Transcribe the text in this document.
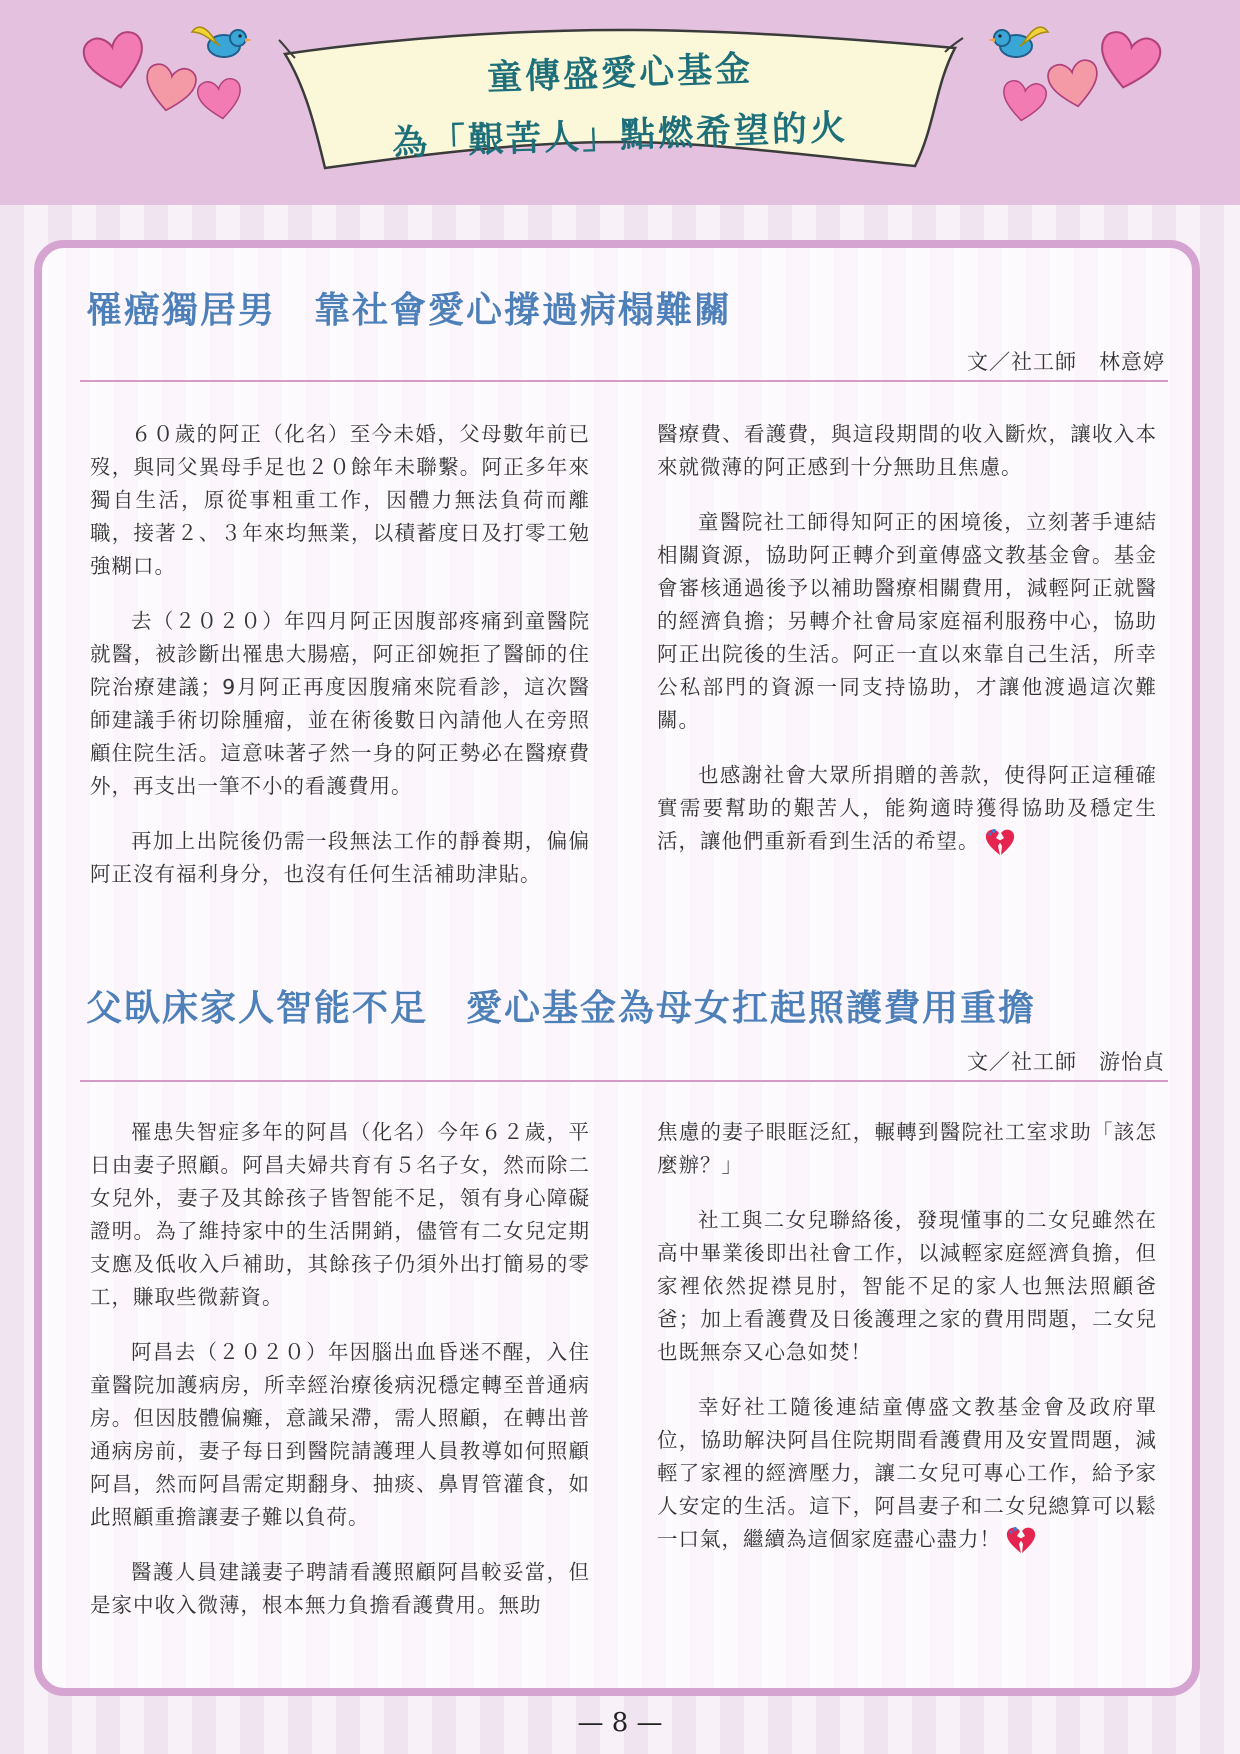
童傳盛愛心基金
為「艱苦人」點燃希望的火
罹癌獨居男　靠社會愛心撐過病榻難關
文／社工師　林意婷

６０歲的阿正（化名）至今未婚，父母數年前已歿，與同父異母手足也２０餘年未聯繫。阿正多年來獨自生活，原從事粗重工作，因體力無法負荷而離職，接著２、３年來均無業，以積蓄度日及打零工勉強糊口。

去（２０２０）年四月阿正因腹部疼痛到童醫院就醫，被診斷出罹患大腸癌，阿正卻婉拒了醫師的住院治療建議；9月阿正再度因腹痛來院看診，這次醫師建議手術切除腫瘤，並在術後數日內請他人在旁照顧住院生活。這意味著孑然一身的阿正勢必在醫療費外，再支出一筆不小的看護費用。

再加上出院後仍需一段無法工作的靜養期，偏偏阿正沒有福利身分，也沒有任何生活補助津貼。

醫療費、看護費，與這段期間的收入斷炊，讓收入本來就微薄的阿正感到十分無助且焦慮。

童醫院社工師得知阿正的困境後，立刻著手連結相關資源，協助阿正轉介到童傳盛文教基金會。基金會審核通過後予以補助醫療相關費用，減輕阿正就醫的經濟負擔；另轉介社會局家庭福利服務中心，協助阿正出院後的生活。阿正一直以來靠自己生活，所幸公私部門的資源一同支持協助，才讓他渡過這次難關。

也感謝社會大眾所捐贈的善款，使得阿正這種確實需要幫助的艱苦人，能夠適時獲得協助及穩定生活，讓他們重新看到生活的希望。

父臥床家人智能不足　愛心基金為母女扛起照護費用重擔
文／社工師　游怡貞

罹患失智症多年的阿昌（化名）今年６２歲，平日由妻子照顧。阿昌夫婦共育有５名子女，然而除二女兒外，妻子及其餘孩子皆智能不足，領有身心障礙證明。為了維持家中的生活開銷，儘管有二女兒定期支應及低收入戶補助，其餘孩子仍須外出打簡易的零工，賺取些微薪資。

阿昌去（２０２０）年因腦出血昏迷不醒，入住童醫院加護病房，所幸經治療後病況穩定轉至普通病房。但因肢體偏癱，意識呆滯，需人照顧，在轉出普通病房前，妻子每日到醫院請護理人員教導如何照顧阿昌，然而阿昌需定期翻身、抽痰、鼻胃管灌食，如此照顧重擔讓妻子難以負荷。

醫護人員建議妻子聘請看護照顧阿昌較妥當，但是家中收入微薄，根本無力負擔看護費用。無助

焦慮的妻子眼眶泛紅，輾轉到醫院社工室求助「該怎麼辦？」

社工與二女兒聯絡後，發現懂事的二女兒雖然在高中畢業後即出社會工作，以減輕家庭經濟負擔，但家裡依然捉襟見肘，智能不足的家人也無法照顧爸爸；加上看護費及日後護理之家的費用問題，二女兒也既無奈又心急如焚！

幸好社工隨後連結童傳盛文教基金會及政府單位，協助解決阿昌住院期間看護費用及安置問題，減輕了家裡的經濟壓力，讓二女兒可專心工作，給予家人安定的生活。這下，阿昌妻子和二女兒總算可以鬆一口氣，繼續為這個家庭盡心盡力！

— 8 —
